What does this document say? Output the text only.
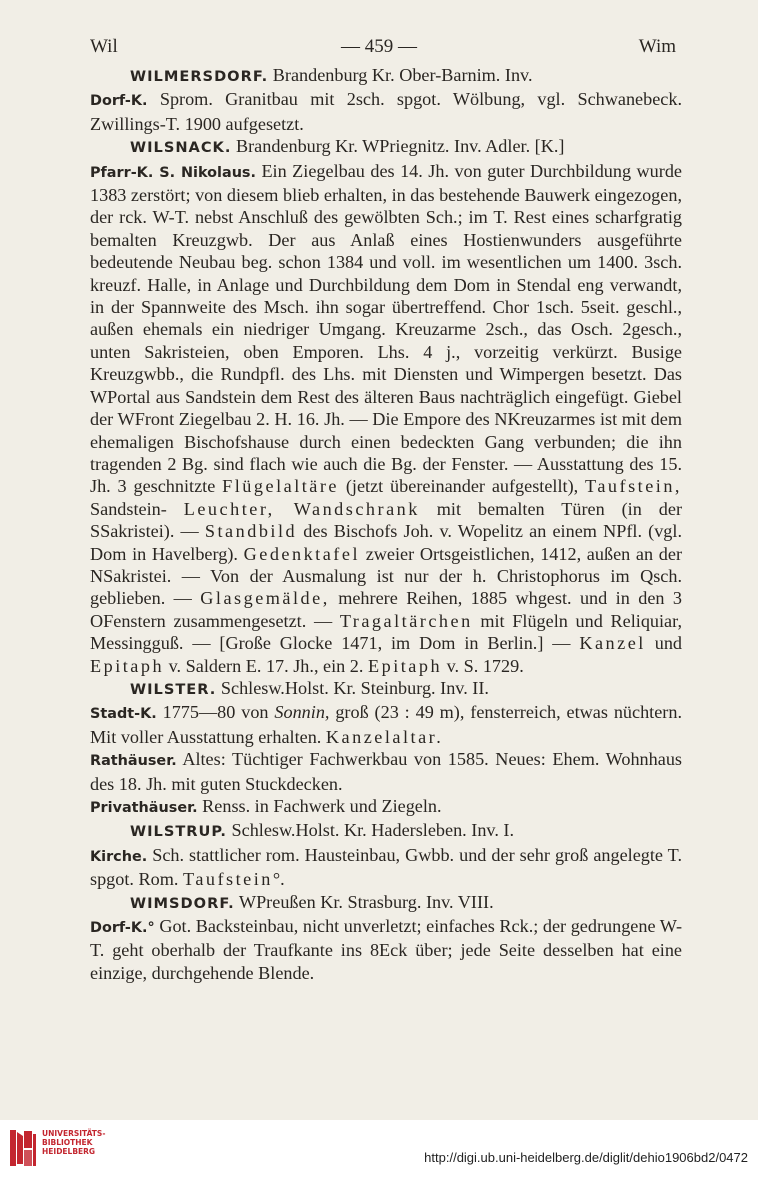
Wil	— 459 —	Wim

WILMERSDORF. Brandenburg Kr. Ober-Barnim. Inv.

Dorf-K. Sprom. Granitbau mit 2sch. spgot. Wölbung, vgl. Schwanebeck. Zwillings-T. 1900 aufgesetzt.

WILSNACK. Brandenburg Kr. WPriegnitz. Inv. Adler. [K.]

Pfarr-K. S. Nikolaus. Ein Ziegelbau des 14. Jh. von guter Durchbildung wurde 1383 zerstört; von diesem blieb erhalten, in das bestehende Bauwerk eingezogen, der rck. W-T. nebst Anschluß des gewölbten Sch.; im T. Rest eines scharfgratig bemalten Kreuzgwb. Der aus Anlaß eines Hostienwunders ausgeführte bedeutende Neubau beg. schon 1384 und voll. im wesentlichen um 1400. 3sch. kreuzf. Halle, in Anlage und Durchbildung dem Dom in Stendal eng verwandt, in der Spannweite des Msch. ihn sogar übertreffend. Chor 1sch. 5seit. geschl., außen ehemals ein niedriger Umgang. Kreuzarme 2sch., das Osch. 2gesch., unten Sakristeien, oben Emporen. Lhs. 4 j., vorzeitig verkürzt. Busige Kreuzgwbb., die Rundpfl. des Lhs. mit Diensten und Wimpergen besetzt. Das WPortal aus Sandstein dem Rest des älteren Baus nachträglich eingefügt. Giebel der WFront Ziegelbau 2. H. 16. Jh. — Die Empore des NKreuzarmes ist mit dem ehemaligen Bischofshause durch einen bedeckten Gang verbunden; die ihn tragenden 2 Bg. sind flach wie auch die Bg. der Fenster. — Ausstattung des 15. Jh. 3 geschnitzte Flügelaltäre (jetzt übereinander aufgestellt), Taufstein, Sandstein- Leuchter, Wandschrank mit bemalten Türen (in der SSakristei). — Standbild des Bischofs Joh. v. Wopelitz an einem NPfl. (vgl. Dom in Havelberg). Gedenktafel zweier Ortsgeistlichen, 1412, außen an der NSakristei. — Von der Ausmalung ist nur der h. Christophorus im Qsch. geblieben. — Glasgemälde, mehrere Reihen, 1885 whgest. und in den 3 OFenstern zusammengesetzt. — Tragaltärchen mit Flügeln und Reliquiar, Messingguß. — [Große Glocke 1471, im Dom in Berlin.] — Kanzel und Epitaph v. Saldern E. 17. Jh., ein 2. Epitaph v. S. 1729.

WILSTER. Schlesw.Holst. Kr. Steinburg. Inv. II.

Stadt-K. 1775—80 von Sonnin, groß (23 : 49 m), fensterreich, etwas nüchtern. Mit voller Ausstattung erhalten. Kanzelaltar.

Rathäuser. Altes: Tüchtiger Fachwerkbau von 1585. Neues: Ehem. Wohnhaus des 18. Jh. mit guten Stuckdecken.

Privathäuser. Renss. in Fachwerk und Ziegeln.

WILSTRUP. Schlesw.Holst. Kr. Hadersleben. Inv. I.

Kirche. Sch. stattlicher rom. Hausteinbau, Gwbb. und der sehr groß angelegte T. spgot. Rom. Taufstein°.

WIMSDORF. WPreußen Kr. Strasburg. Inv. VIII.

Dorf-K.° Got. Backsteinbau, nicht unverletzt; einfaches Rck.; der gedrungene W-T. geht oberhalb der Traufkante ins 8Eck über; jede Seite desselben hat eine einzige, durchgehende Blende.

UNIVERSITÄTS-
BIBLIOTHEK
HEIDELBERG	http://digi.ub.uni-heidelberg.de/diglit/dehio1906bd2/0472
